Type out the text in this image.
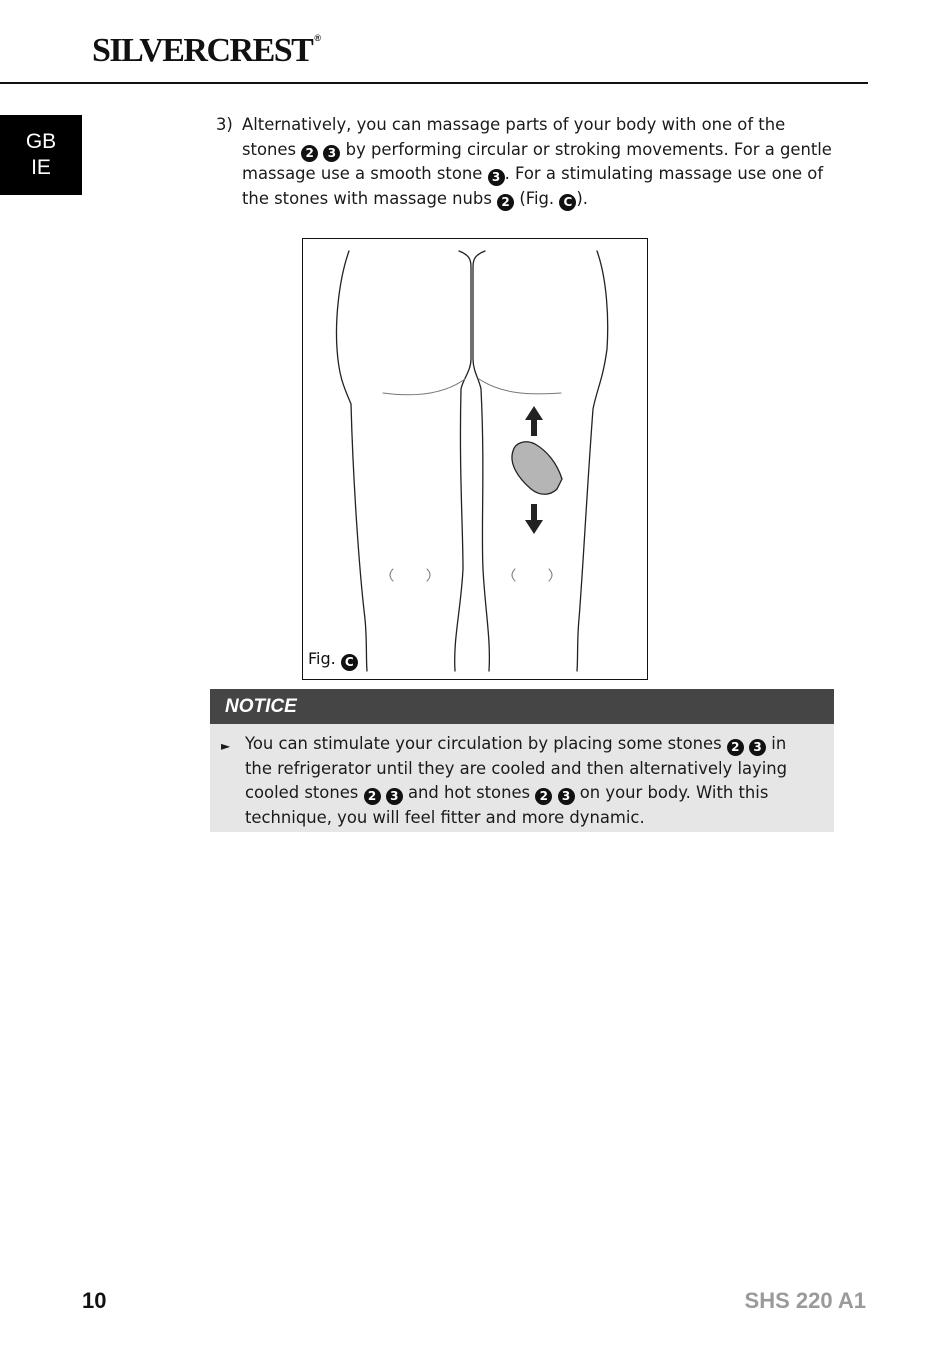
SILVERCREST ®
GB
IE
3) Alternatively, you can massage parts of your body with one of the stones 2 3 by performing circular or stroking movements. For a gentle massage use a smooth stone 3 . For a stimulating massage use one of the stones with massage nubs 2 (Fig. C ).
Fig. C
NOTICE
► You can stimulate your circulation by placing some stones 2 3 in the refrigerator until they are cooled and then alternatively laying cooled stones 2 3 and hot stones 2 3 on your body. With this technique, you will feel fitter and more dynamic.
10	SHS 220 A1
